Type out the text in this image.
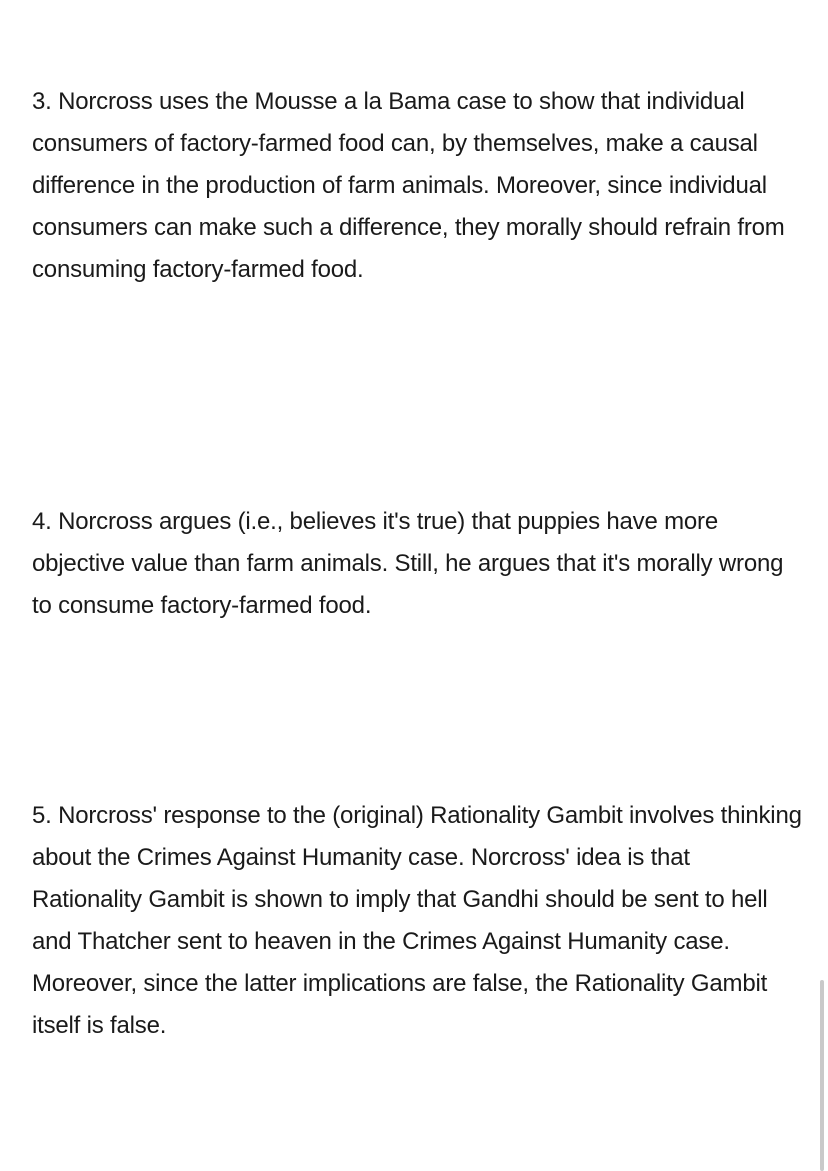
3. Norcross uses the Mousse a la Bama case to show that individual consumers of factory-farmed food can, by themselves, make a causal difference in the production of farm animals. Moreover, since individual consumers can make such a difference, they morally should refrain from consuming factory-farmed food.

4. Norcross argues (i.e., believes it's true) that puppies have more objective value than farm animals. Still, he argues that it's morally wrong to consume factory-farmed food.

5. Norcross' response to the (original) Rationality Gambit involves thinking about the Crimes Against Humanity case. Norcross' idea is that Rationality Gambit is shown to imply that Gandhi should be sent to hell and Thatcher sent to heaven in the Crimes Against Humanity case. Moreover, since the latter implications are false, the Rationality Gambit itself is false.
